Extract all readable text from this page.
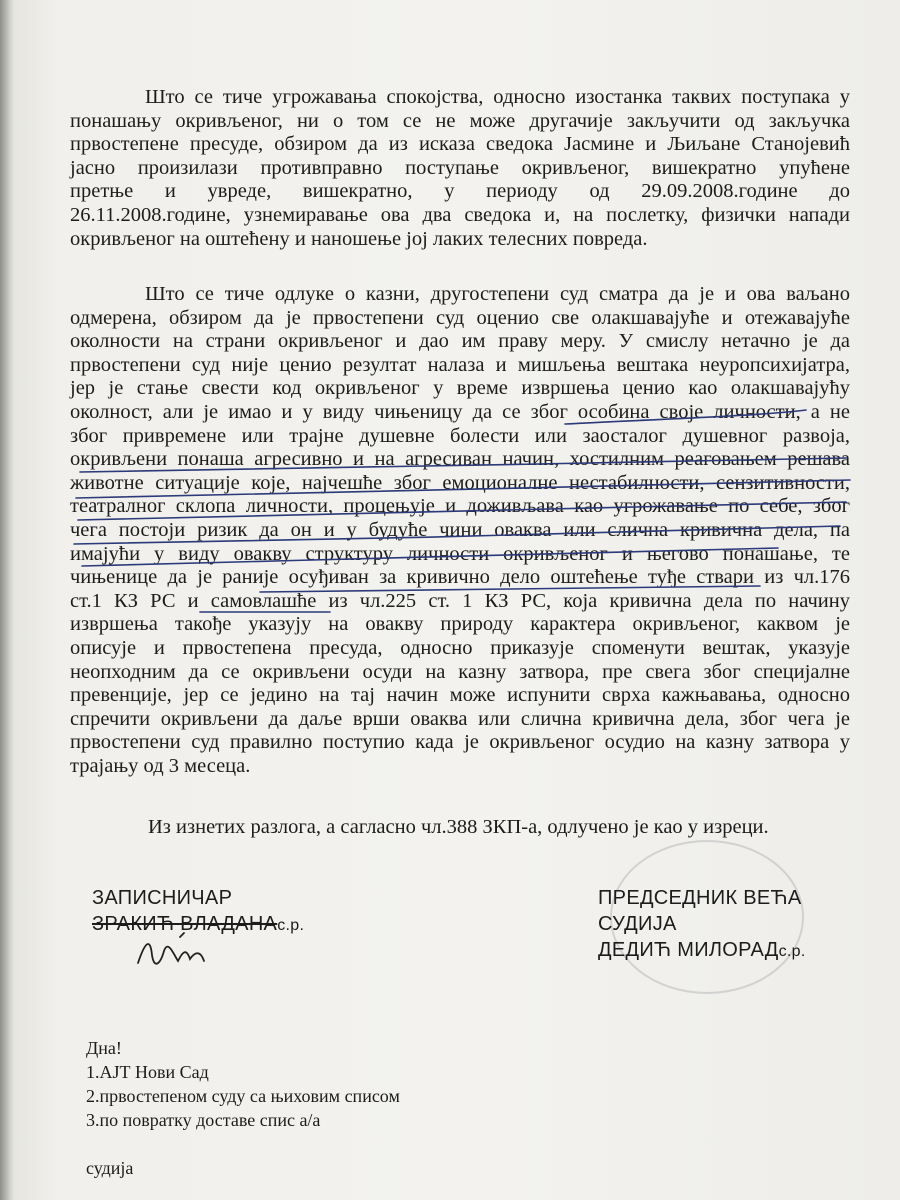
Што се тиче угрожавања спокојства, односно изостанка таквих поступака у
понашању окривљеног, ни о том се не може другачије закључити од закључка
првостепене пресуде, обзиром да из исказа сведока Јасмине и Љиљане Станојевић
јасно произилази противправно поступање окривљеног, вишекратно упућене
претње и увреде, вишекратно, у периоду од 29.09.2008.године до
26.11.2008.године, узнемиравање ова два сведока и, на послетку, физички напади
окривљеног на оштећену и наношење јој лаких телесних повреда.
Што се тиче одлуке о казни, другостепени суд сматра да је и ова ваљано
одмерена, обзиром да је првостепени суд оценио све олакшавајуће и отежавајуће
околности на страни окривљеног и дао им праву меру. У смислу нетачно је да
првостепени суд није ценио резултат налаза и мишљења вештака неуропсихијатра,
јер је стање свести код окривљеног у време извршења ценио као олакшавајућу
околност, али је имао и у виду чињеницу да се због особина своје личности, а не
због привремене или трајне душевне болести или заосталог душевног развоја,
окривљени понаша агресивно и на агресиван начин, хостилним реаговањем решава
животне ситуације које, најчешће због емоционалне нестабилности, сензитивности,
театралног склопа личности, процењује и доживљава као угрожавање по себе, због
чега постоји ризик да он и у будуће чини оваква или слична кривична дела, па
имајући у виду овакву структуру личности окривљеног и његово понашање, те
чињенице да је раније осуђиван за кривично дело оштећење туђе ствари из чл.176
ст.1 КЗ РС и самовлашће из чл.225 ст. 1 КЗ РС, која кривична дела по начину
извршења такође указују на овакву природу карактера окривљеног, каквом је
описује и првостепена пресуда, односно приказује споменути вештак, указује
неопходним да се окривљени осуди на казну затвора, пре свега због специјалне
превенције, јер се једино на тај начин може испунити сврха кажњавања, односно
спречити окривљени да даље врши оваква или слична кривична дела, због чега је
првостепени суд правилно поступио када је окривљеног осудио на казну затвора у
трајању од 3 месеца.
Из изнетих разлога, а сагласно чл.388 ЗКП-а, одлучено је као у изреци.
ЗАПИСНИЧАР
ЗРАКИЋ ВЛАДАНАс.р.
ПРЕДСЕДНИК ВЕЋА
СУДИЈА
ДЕДИЋ МИЛОРАДс.р.
Дна!
1.АЈТ Нови Сад
2.првостепеном суду са њиховим списом
3.по повратку доставе спис а/а
судија
